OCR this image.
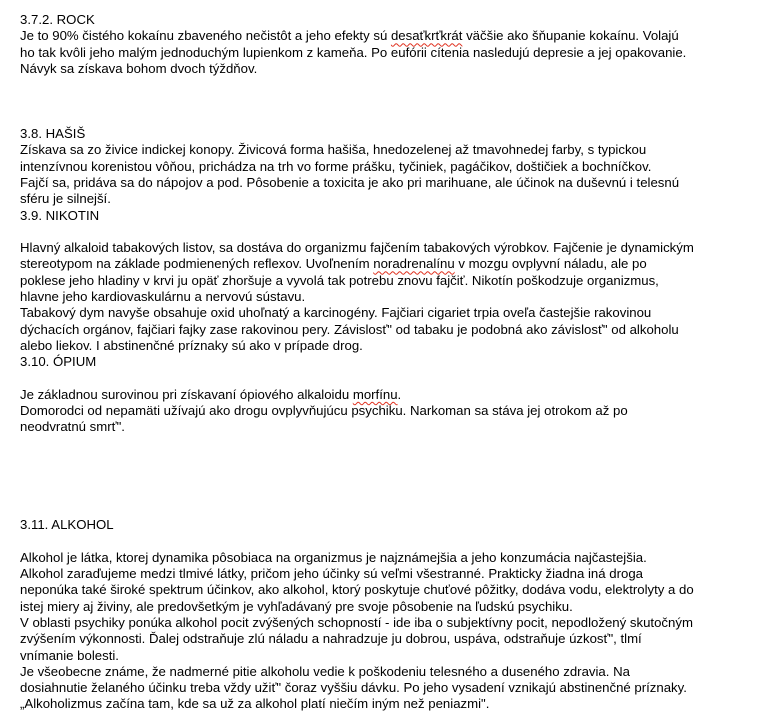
3.7.2. ROCK
Je to 90% čistého kokaínu zbaveného nečistôt a jeho efekty sú desaťkrťkrát väčšie ako šňupanie kokaínu. Volajú
ho tak kvôli jeho malým jednoduchým lupienkom z kameňa. Po eufórii cítenia nasledujú depresie a jej opakovanie.
Návyk sa získava bohom dvoch týždňov.
3.8. HAŠIŠ
Získava sa zo živice indickej konopy. Živicová forma hašiša, hnedozelenej až tmavohnedej farby, s typickou
intenzívnou korenistou vôňou, prichádza na trh vo forme prášku, tyčiniek, pagáčikov, doštičiek a bochníčkov.
Fajčí sa, pridáva sa do nápojov a pod. Pôsobenie a toxicita je ako pri marihuane, ale účinok na duševnú i telesnú
sféru je silnejší.
3.9. NIKOTIN
Hlavný alkaloid tabakových listov, sa dostáva do organizmu fajčením tabakových výrobkov. Fajčenie je dynamickým
stereotypom na základe podmienených reflexov. Uvoľnením noradrenalínu v mozgu ovplyvní náladu, ale po
poklese jeho hladiny v krvi ju opäť zhoršuje a vyvolá tak potrebu znovu fajčiť. Nikotín poškodzuje organizmus,
hlavne jeho kardiovaskulárnu a nervovú sústavu.
Tabakový dym navyše obsahuje oxid uhoľnatý a karcinogény. Fajčiari cigariet trpia oveľa častejšie rakovinou
dýchacích orgánov, fajčiari fajky zase rakovinou pery. Závislosť" od tabaku je podobná ako závislosť" od alkoholu
alebo liekov. I abstinenčné príznaky sú ako v prípade drog.
3.10. ÓPIUM
Je základnou surovinou pri získavaní ópiového alkaloidu morfínu.
Domorodci od nepamäti užívajú ako drogu ovplyvňujúcu psychiku. Narkoman sa stáva jej otrokom až po
neodvratnú smrť".
3.11. ALKOHOL
Alkohol je látka, ktorej dynamika pôsobiaca na organizmus je najznámejšia a jeho konzumácia najčastejšia.
Alkohol zaraďujeme medzi tlmivé látky, pričom jeho účinky sú veľmi všestranné. Prakticky žiadna iná droga
neponúka také široké spektrum účinkov, ako alkohol, ktorý poskytuje chuťové pôžitky, dodáva vodu, elektrolyty a do
istej miery aj živiny, ale predovšetkým je vyhľadávaný pre svoje pôsobenie na ľudskú psychiku.
V oblasti psychiky ponúka alkohol pocit zvýšených schopností - ide iba o subjektívny pocit, nepodložený skutočným
zvýšením výkonnosti. Ďalej odstraňuje zlú náladu a nahradzuje ju dobrou, uspáva, odstraňuje úzkosť", tlmí
vnímanie bolesti.
Je všeobecne známe, že nadmerné pitie alkoholu vedie k poškodeniu telesného a duseného zdravia. Na
dosiahnutie želaného účinku treba vždy užiť" čoraz vyššiu dávku. Po jeho vysadení vznikajú abstinenčné príznaky.
„Alkoholizmus začína tam, kde sa už za alkohol platí niečím iným než peniazmi".
